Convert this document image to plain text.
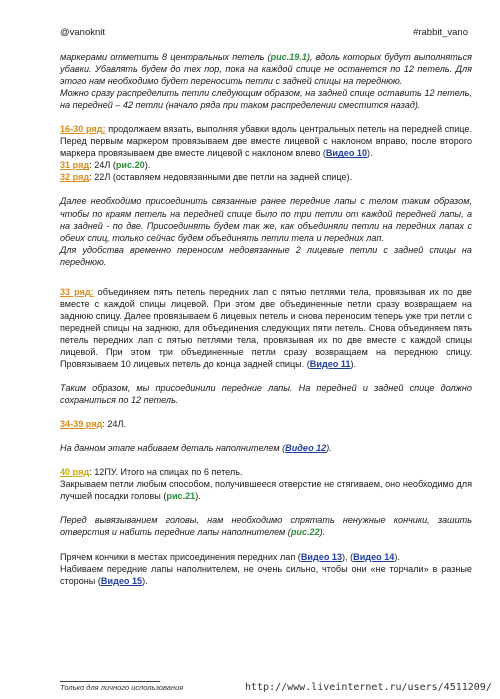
@vanoknit	#rabbit_vano

маркерами отметить 8 центральных петель (рис.19.1), вдоль которых будут выполняться убавки. Убавлять будем до тех пор, пока на каждой спице не останется по 12 петель. Для этого нам необходимо будет переносить петли с задней спицы на переднюю.

Можно сразу распределить петли следующим образом, на задней спице оставить 12 петель, на передней – 42 петли (начало ряда при таком распределении сместится назад).

16-30 ряд: продолжаем вязать, выполняя убавки вдоль центральных петель на передней спице. Перед первым маркером провязываем две вместе лицевой с наклоном вправо, после второго маркера провязываем две вместе лицевой с наклоном влево (Видео 10).

31 ряд: 24Л (рис.20).

32 ряд: 22Л (оставляем недовязанными две петли на задней спице).

Далее необходимо присоединить связанные ранее передние лапы с телом таким образом, чтобы по краям петель на передней спице было по три петли от каждой передней лапы, а на задней - по две. Присоединять будем так же, как объединяли петли на передних лапах с обеих спиц, только сейчас будем объединять петли тела и передних лап.

Для удобства временно переносим недовязанные 2 лицевые петли с задней спицы на переднюю.

33 ряд: объединяем пять петель передних лап с пятью петлями тела, провязывая их по две вместе с каждой спицы лицевой. При этом две объединенные петли сразу возвращаем на заднюю спицу. Далее провязываем 6 лицевых петель и снова переносим теперь уже три петли с передней спицы на заднюю, для объединения следующих пяти петель. Снова объединяем пять петель передних лап с пятью петлями тела, провязывая их по две вместе с каждой спицы лицевой. При этом три объединенные петли сразу возвращаем на переднюю спицу. Провязываем 10 лицевых петель до конца задней спицы. (Видео 11).

Таким образом, мы присоединили передние лапы. На передней и задней спице должно сохраниться по 12 петель.

34-39 ряд: 24Л.

На данном этапе набиваем деталь наполнителем (Видео 12).

40 ряд: 12ПУ. Итого на спицах по 6 петель.

Закрываем петли любым способом, получившееся отверстие не стягиваем, оно необходимо для лучшей посадки головы (рис.21).

Перед вывязыванием головы, нам необходимо спрятать ненужные кончики, зашить отверстия и набить передние лапы наполнителем (рис.22).

Прячем кончики в местах присоединения передних лап (Видео 13), (Видео 14).

Набиваем передние лапы наполнителем, не очень сильно, чтобы они «не торчали» в разные стороны (Видео 15).

Только для личного использования	http://www.liveinternet.ru/users/4511209/
